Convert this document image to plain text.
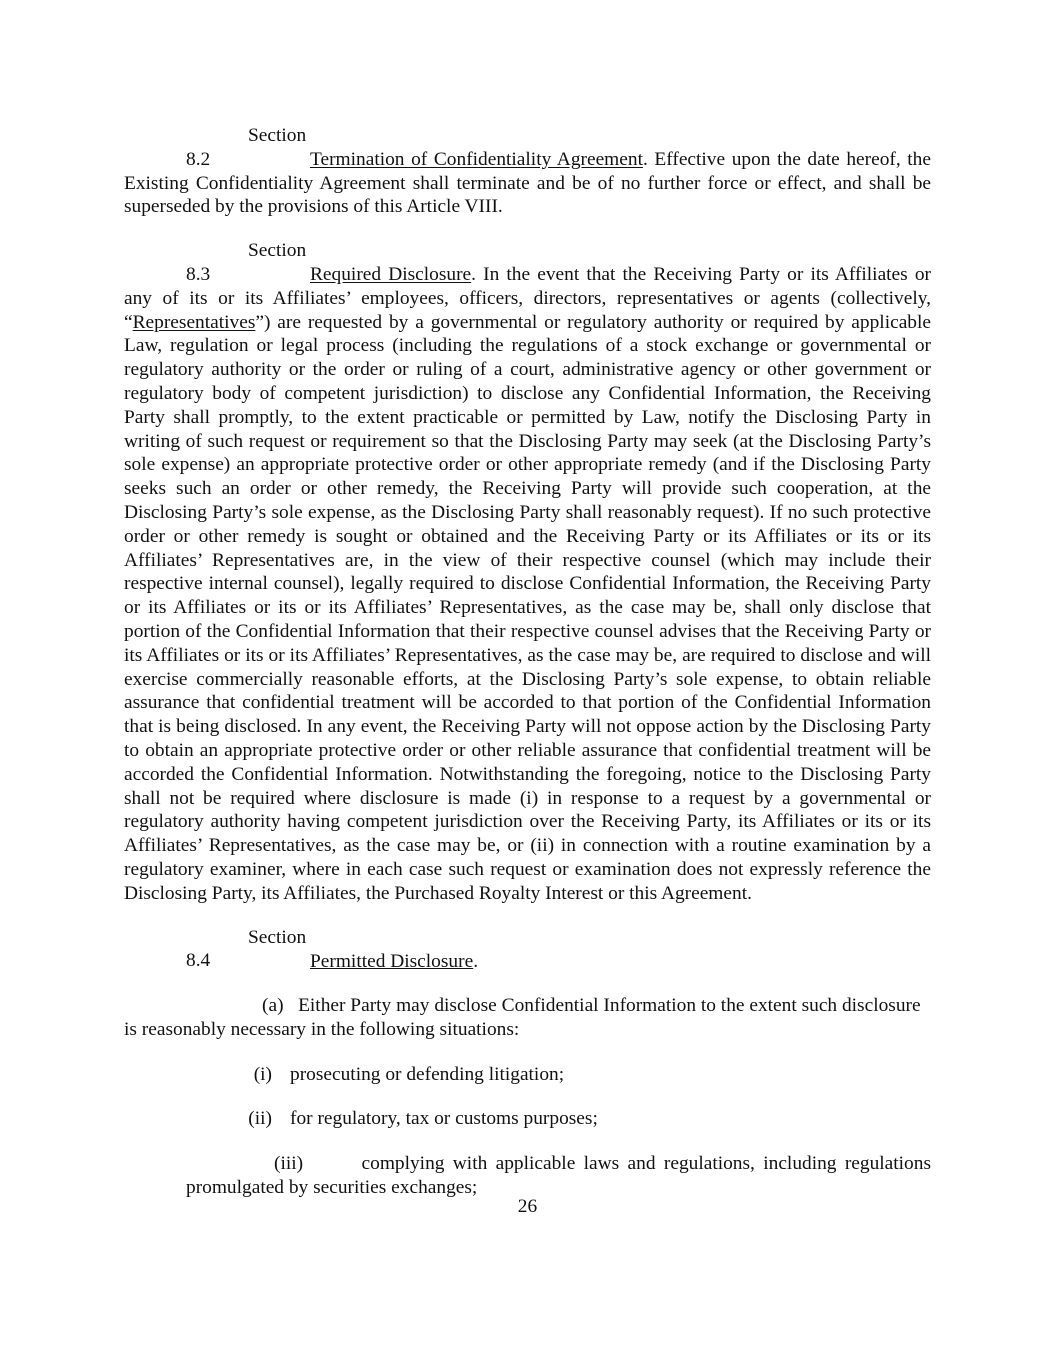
Section 8.2	Termination of Confidentiality Agreement. Effective upon the date hereof, the Existing Confidentiality Agreement shall terminate and be of no further force or effect, and shall be superseded by the provisions of this Article VIII.

Section 8.3	Required Disclosure. In the event that the Receiving Party or its Affiliates or any of its or its Affiliates’ employees, officers, directors, representatives or agents (collectively, “Representatives”) are requested by a governmental or regulatory authority or required by applicable Law, regulation or legal process (including the regulations of a stock exchange or governmental or regulatory authority or the order or ruling of a court, administrative agency or other government or regulatory body of competent jurisdiction) to disclose any Confidential Information, the Receiving Party shall promptly, to the extent practicable or permitted by Law, notify the Disclosing Party in writing of such request or requirement so that the Disclosing Party may seek (at the Disclosing Party’s sole expense) an appropriate protective order or other appropriate remedy (and if the Disclosing Party seeks such an order or other remedy, the Receiving Party will provide such cooperation, at the Disclosing Party’s sole expense, as the Disclosing Party shall reasonably request). If no such protective order or other remedy is sought or obtained and the Receiving Party or its Affiliates or its or its Affiliates’ Representatives are, in the view of their respective counsel (which may include their respective internal counsel), legally required to disclose Confidential Information, the Receiving Party or its Affiliates or its or its Affiliates’ Representatives, as the case may be, shall only disclose that portion of the Confidential Information that their respective counsel advises that the Receiving Party or its Affiliates or its or its Affiliates’ Representatives, as the case may be, are required to disclose and will exercise commercially reasonable efforts, at the Disclosing Party’s sole expense, to obtain reliable assurance that confidential treatment will be accorded to that portion of the Confidential Information that is being disclosed. In any event, the Receiving Party will not oppose action by the Disclosing Party to obtain an appropriate protective order or other reliable assurance that confidential treatment will be accorded the Confidential Information. Notwithstanding the foregoing, notice to the Disclosing Party shall not be required where disclosure is made (i) in response to a request by a governmental or regulatory authority having competent jurisdiction over the Receiving Party, its Affiliates or its or its Affiliates’ Representatives, as the case may be, or (ii) in connection with a routine examination by a regulatory examiner, where in each case such request or examination does not expressly reference the Disclosing Party, its Affiliates, the Purchased Royalty Interest or this Agreement.

Section 8.4	Permitted Disclosure.

(a) Either Party may disclose Confidential Information to the extent such disclosure is reasonably necessary in the following situations:

(i) prosecuting or defending litigation;

(ii) for regulatory, tax or customs purposes;

(iii)	complying with applicable laws and regulations, including regulations promulgated by securities exchanges;

26
